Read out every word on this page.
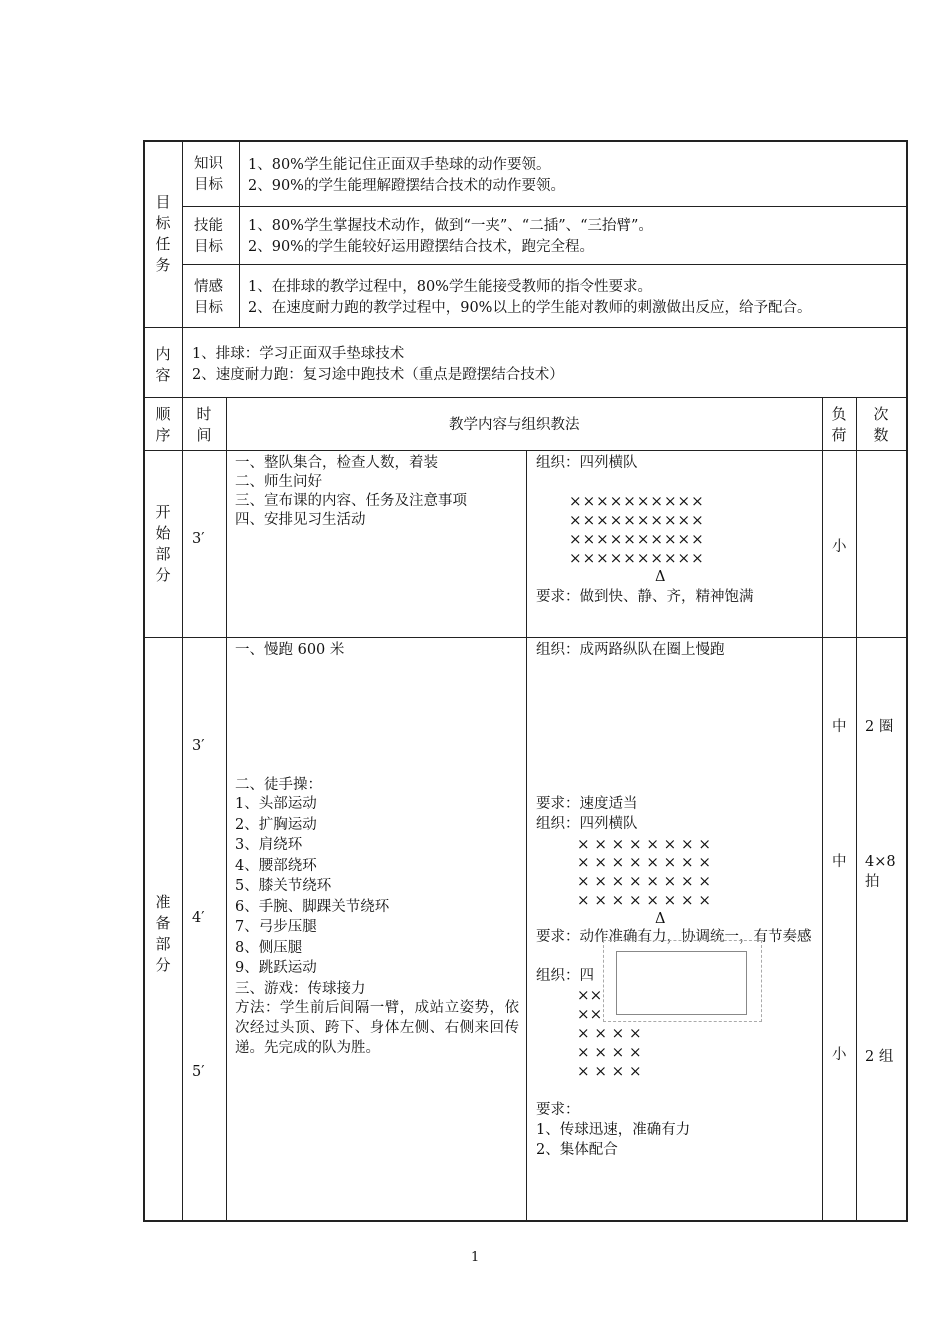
目标任务
知识目标
1、80%学生能记住正面双手垫球的动作要领。
2、90%的学生能理解蹬摆结合技术的动作要领。
技能目标
1、80%学生掌握技术动作，做到“一夹”、“二插”、“三抬臂”。
2、90%的学生能较好运用蹬摆结合技术，跑完全程。
情感目标
1、在排球的教学过程中，80%学生能接受教师的指令性要求。
2、在速度耐力跑的教学过程中，90%以上的学生能对教师的刺激做出反应，给予配合。
内容
1、排球：学习正面双手垫球技术
2、速度耐力跑：复习途中跑技术（重点是蹬摆结合技术）
顺序
时间
教学内容与组织教法
负荷
次数
开始部分
3′
一、整队集合，检查人数，着装
二、师生问好
三、宣布课的内容、任务及注意事项
四、安排见习生活动
组织：四列横队
××××××××××
××××××××××
××××××××××
××××××××××
Δ
要求：做到快、静、齐，精神饱满
小
准备部分
3′
4′
5′
一、慢跑 600 米	组织：成两路纵队在圈上慢跑
中 2 圈
二、徒手操：
1、头部运动
2、扩胸运动
3、肩绕环
4、腰部绕环
5、膝关节绕环
6、手腕、脚踝关节绕环
7、弓步压腿
8、侧压腿
9、跳跃运动
要求：速度适当
组织：四列横队
× × × × × × × ×
× × × × × × × ×
× × × × × × × ×
× × × × × × × ×
Δ
要求：动作准确有力，协调统一，有节奏感
中 4×8 拍
三、游戏：传球接力
方法：学生前后间隔一臂，成站立姿势，依次经过头顶、跨下、身体左侧、右侧来回传递。先完成的队为胜。
组织：四
××
××
× × × ×
× × × ×
× × × ×
要求：
1、传球迅速，准确有力
2、集体配合
小 2 组
1
